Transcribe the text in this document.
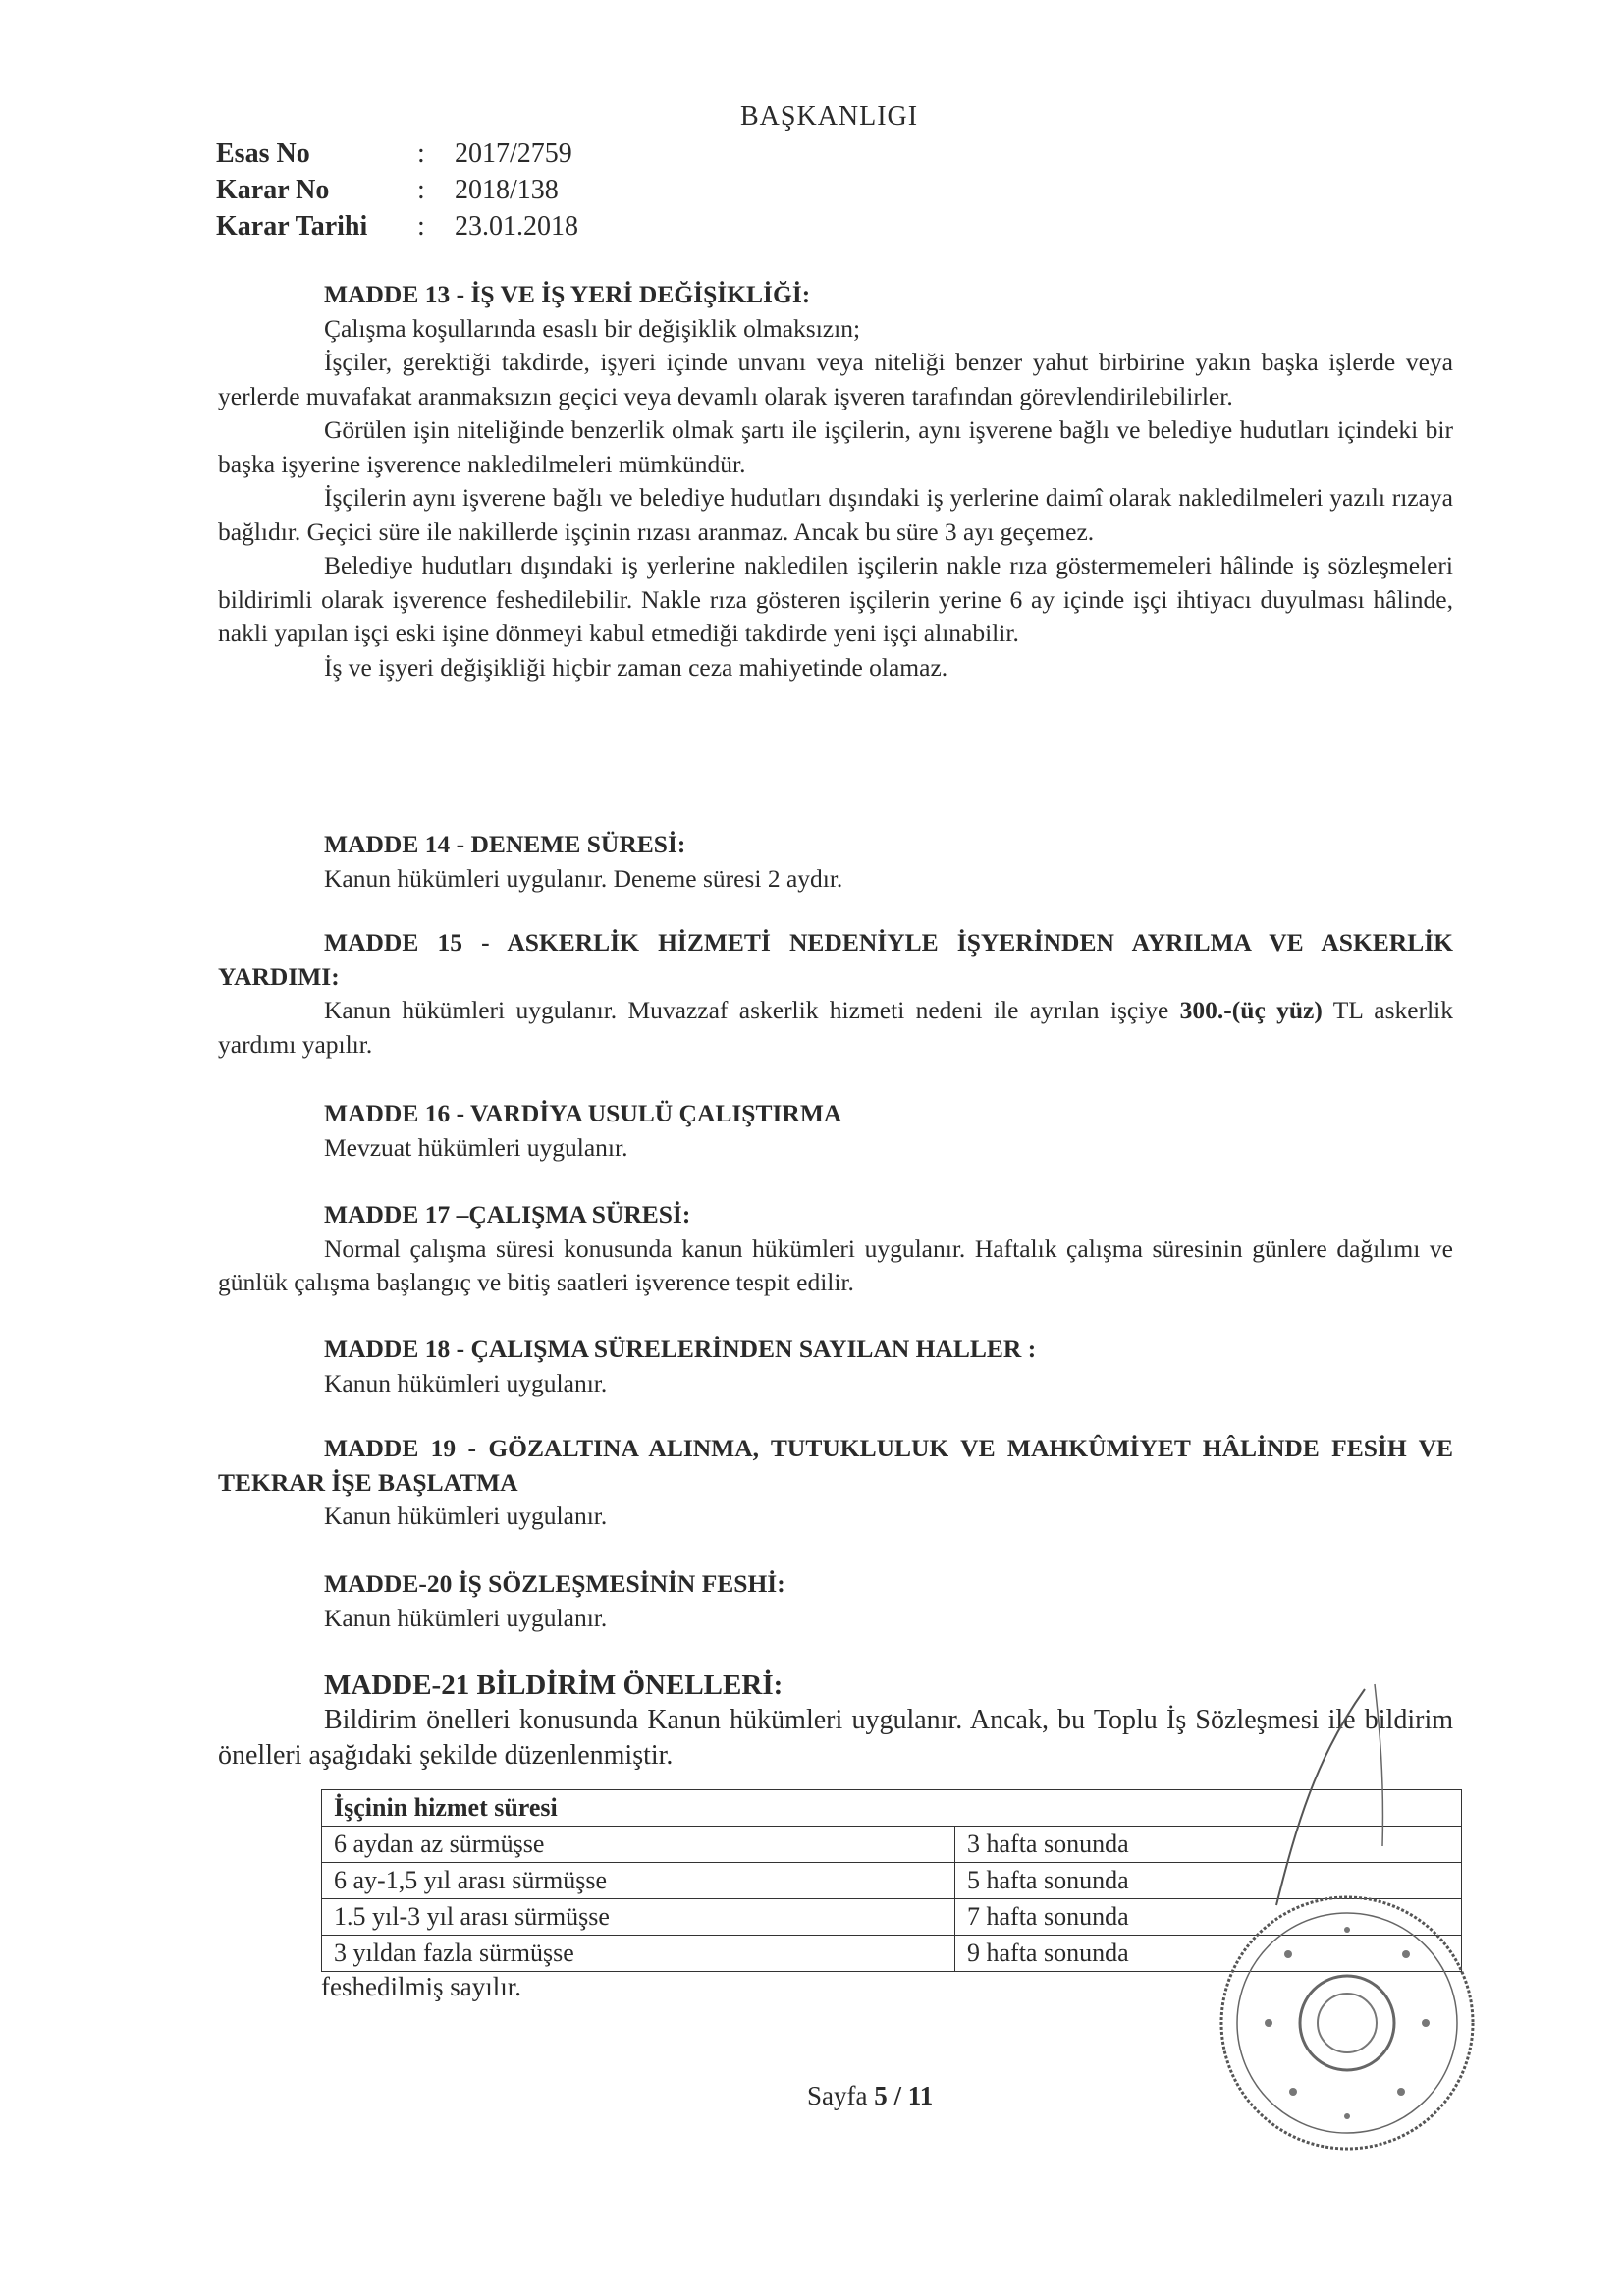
BAŞKANLIGI
Esas No	:	2017/2759
Karar No	:	2018/138
Karar Tarihi	:	23.01.2018
MADDE 13 - İŞ VE İŞ YERİ DEĞİŞİKLİĞİ:
Çalışma koşullarında esaslı bir değişiklik olmaksızın;
İşçiler, gerektiği takdirde, işyeri içinde unvanı veya niteliği benzer yahut birbirine yakın başka işlerde veya yerlerde muvafakat aranmaksızın geçici veya devamlı olarak işveren tarafından görevlendirilebilirler.
Görülen işin niteliğinde benzerlik olmak şartı ile işçilerin, aynı işverene bağlı ve belediye hudutları içindeki bir başka işyerine işverence nakledilmeleri mümkündür.
İşçilerin aynı işverene bağlı ve belediye hudutları dışındaki iş yerlerine daimî olarak nakledilmeleri yazılı rızaya bağlıdır. Geçici süre ile nakillerde işçinin rızası aranmaz. Ancak bu süre 3 ayı geçemez.
Belediye hudutları dışındaki iş yerlerine nakledilen işçilerin nakle rıza göstermemeleri hâlinde iş sözleşmeleri bildirimli olarak işverence feshedilebilir. Nakle rıza gösteren işçilerin yerine 6 ay içinde işçi ihtiyacı duyulması hâlinde, nakli yapılan işçi eski işine dönmeyi kabul etmediği takdirde yeni işçi alınabilir.
İş ve işyeri değişikliği hiçbir zaman ceza mahiyetinde olamaz.
MADDE 14 - DENEME SÜRESİ:
Kanun hükümleri uygulanır. Deneme süresi 2 aydır.
MADDE 15 - ASKERLİK HİZMETİ NEDENİYLE İŞYERİNDEN AYRILMA VE ASKERLİK YARDIMI:
Kanun hükümleri uygulanır. Muvazzaf askerlik hizmeti nedeni ile ayrılan işçiye 300.-(üç yüz) TL askerlik yardımı yapılır.
MADDE 16 - VARDİYA USULÜ ÇALIŞTIRMA
Mevzuat hükümleri uygulanır.
MADDE 17 –ÇALIŞMA SÜRESİ:
Normal çalışma süresi konusunda kanun hükümleri uygulanır. Haftalık çalışma süresinin günlere dağılımı ve günlük çalışma başlangıç ve bitiş saatleri işverence tespit edilir.
MADDE 18 - ÇALIŞMA SÜRELERİNDEN SAYILAN HALLER :
Kanun hükümleri uygulanır.
MADDE 19 - GÖZALTINA ALINMA, TUTUKLULUK VE MAHKÛMİYET HÂLİNDE FESİH VE TEKRAR İŞE BAŞLATMA
Kanun hükümleri uygulanır.
MADDE-20 İŞ SÖZLEŞMESİNİN FESHİ:
Kanun hükümleri uygulanır.
MADDE-21 BİLDİRİM ÖNELLERİ:
Bildirim önelleri konusunda Kanun hükümleri uygulanır. Ancak, bu Toplu İş Sözleşmesi ile bildirim önelleri aşağıdaki şekilde düzenlenmiştir.
İşçinin hizmet süresi	
6 aydan az sürmüşse	3 hafta sonunda
6 ay-1,5 yıl arası sürmüşse	5 hafta sonunda
1.5 yıl-3 yıl arası sürmüşse	7 hafta sonunda
3 yıldan fazla sürmüşse	9 hafta sonunda
feshedilmiş sayılır.
Sayfa 5 / 11
